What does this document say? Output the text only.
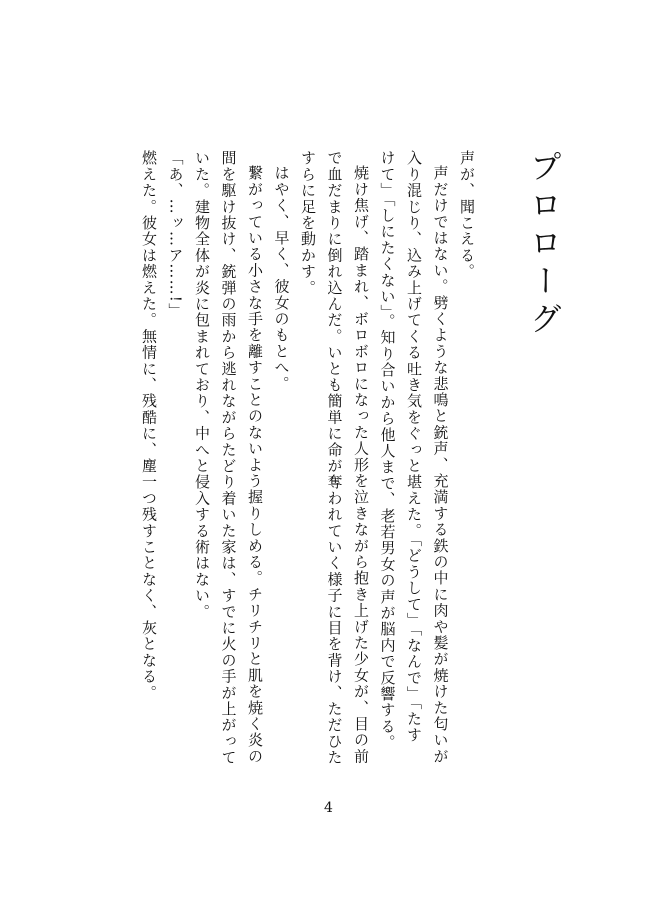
プロローグ

声が、聞こえる。

声だけではない。劈くような悲鳴と銃声、充満する鉄の中に肉や髪が焼けた匂いが

入り混じり、込み上げてくる吐き気をぐっと堪えた。「どうして」「なんで」「たす

けて」「しにたくない」。知り合いから他人まで、老若男女の声が脳内で反響する。

焼け焦げ、踏まれ、ボロボロになった人形を泣きながら抱き上げた少女が、目の前

で血だまりに倒れ込んだ。いとも簡単に命が奪われていく様子に目を背け、ただひた

すらに足を動かす。

はやく、早く、彼女のもとへ。

繋がっている小さな手を離すことのないよう握りしめる。チリチリと肌を焼く炎の

間を駆け抜け、銃弾の雨から逃れながらたどり着いた家は、すでに火の手が上がって

いた。建物全体が炎に包まれており、中へと侵入する術はない。

「あ、…ッ…ア……!」

燃えた。彼女は燃えた。無情に、残酷に、塵一つ残すことなく、灰となる。

4
